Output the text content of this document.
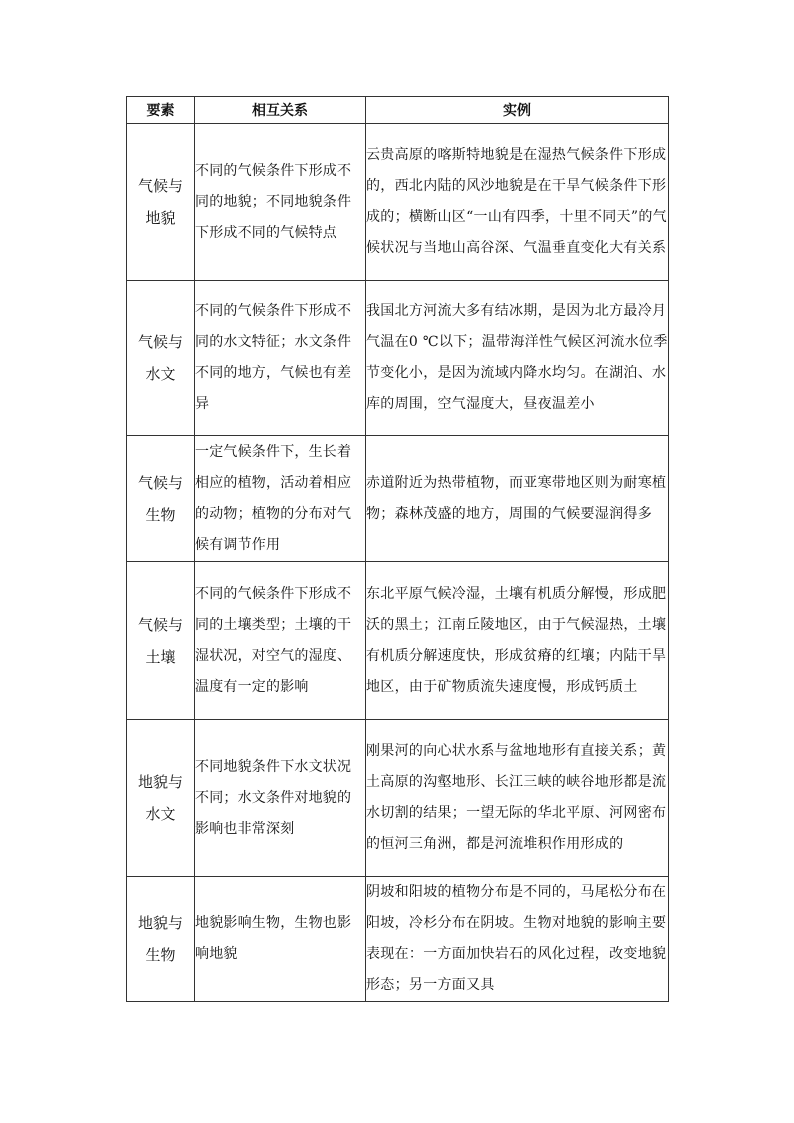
要素	相互关系	实例

气候与
地貌	不同的气候条件下形成不同的地貌；不同地貌条件下形成不同的气候特点	云贵高原的喀斯特地貌是在湿热气候条件下形成的，西北内陆的风沙地貌是在干旱气候条件下形成的；横断山区“一山有四季，十里不同天”的气候状况与当地山高谷深、气温垂直变化大有关系

气候与
水文	不同的气候条件下形成不同的水文特征；水文条件不同的地方，气候也有差异	我国北方河流大多有结冰期，是因为北方最冷月气温在0 ℃以下；温带海洋性气候区河流水位季节变化小，是因为流域内降水均匀。在湖泊、水库的周围，空气湿度大，昼夜温差小

气候与
生物	一定气候条件下，生长着相应的植物，活动着相应的动物；植物的分布对气候有调节作用	赤道附近为热带植物，而亚寒带地区则为耐寒植物；森林茂盛的地方，周围的气候要湿润得多

气候与
土壤	不同的气候条件下形成不同的土壤类型；土壤的干湿状况，对空气的湿度、温度有一定的影响	东北平原气候冷湿，土壤有机质分解慢，形成肥沃的黑土；江南丘陵地区，由于气候湿热，土壤有机质分解速度快，形成贫瘠的红壤；内陆干旱地区，由于矿物质流失速度慢，形成钙质土

地貌与
水文	不同地貌条件下水文状况不同；水文条件对地貌的影响也非常深刻	刚果河的向心状水系与盆地地形有直接关系；黄土高原的沟壑地形、长江三峡的峡谷地形都是流水切割的结果；一望无际的华北平原、河网密布的恒河三角洲，都是河流堆积作用形成的

地貌与
生物	地貌影响生物，生物也影响地貌	阴坡和阳坡的植物分布是不同的，马尾松分布在阳坡，冷杉分布在阴坡。生物对地貌的影响主要表现在：一方面加快岩石的风化过程，改变地貌形态；另一方面又具
